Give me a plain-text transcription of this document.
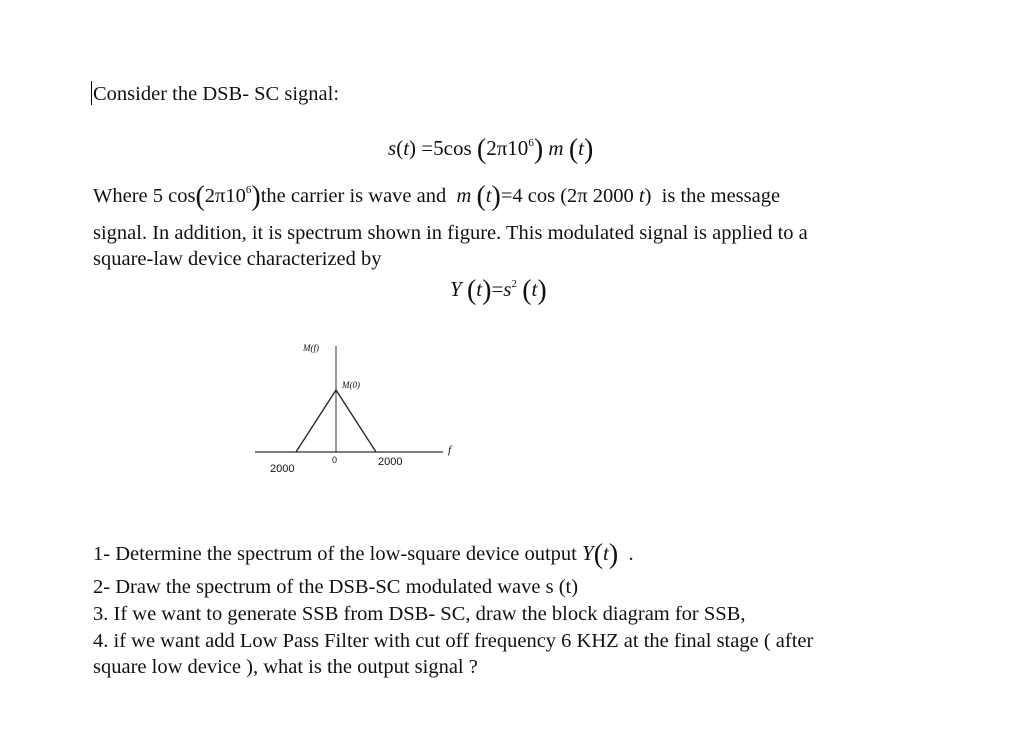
Consider the DSB- SC signal:
s(t) =5cos $(2\pi 10^6)$ m (t)
Where 5 $\cos(2\pi 10^6)the$ carrier is wave and m (t)=4 cos (2π 2000 t) is the message
signal. In addition, it is spectrum shown in figure. This modulated signal is applied to a
square-law device characterized by
Y $(t)=s^2$ (t)
M(f)
M(0)
f
2000
0	2000
1- Determine the spectrum of the low-square device output Y(t) .
2- Draw the spectrum of the DSB-SC modulated wave s (t)
3. If we want to generate SSB from DSB- SC, draw the block diagram for SSB,
4. if we want add Low Pass Filter with cut off frequency 6 KHZ at the final stage ( after
square low device ), what is the output signal ?
